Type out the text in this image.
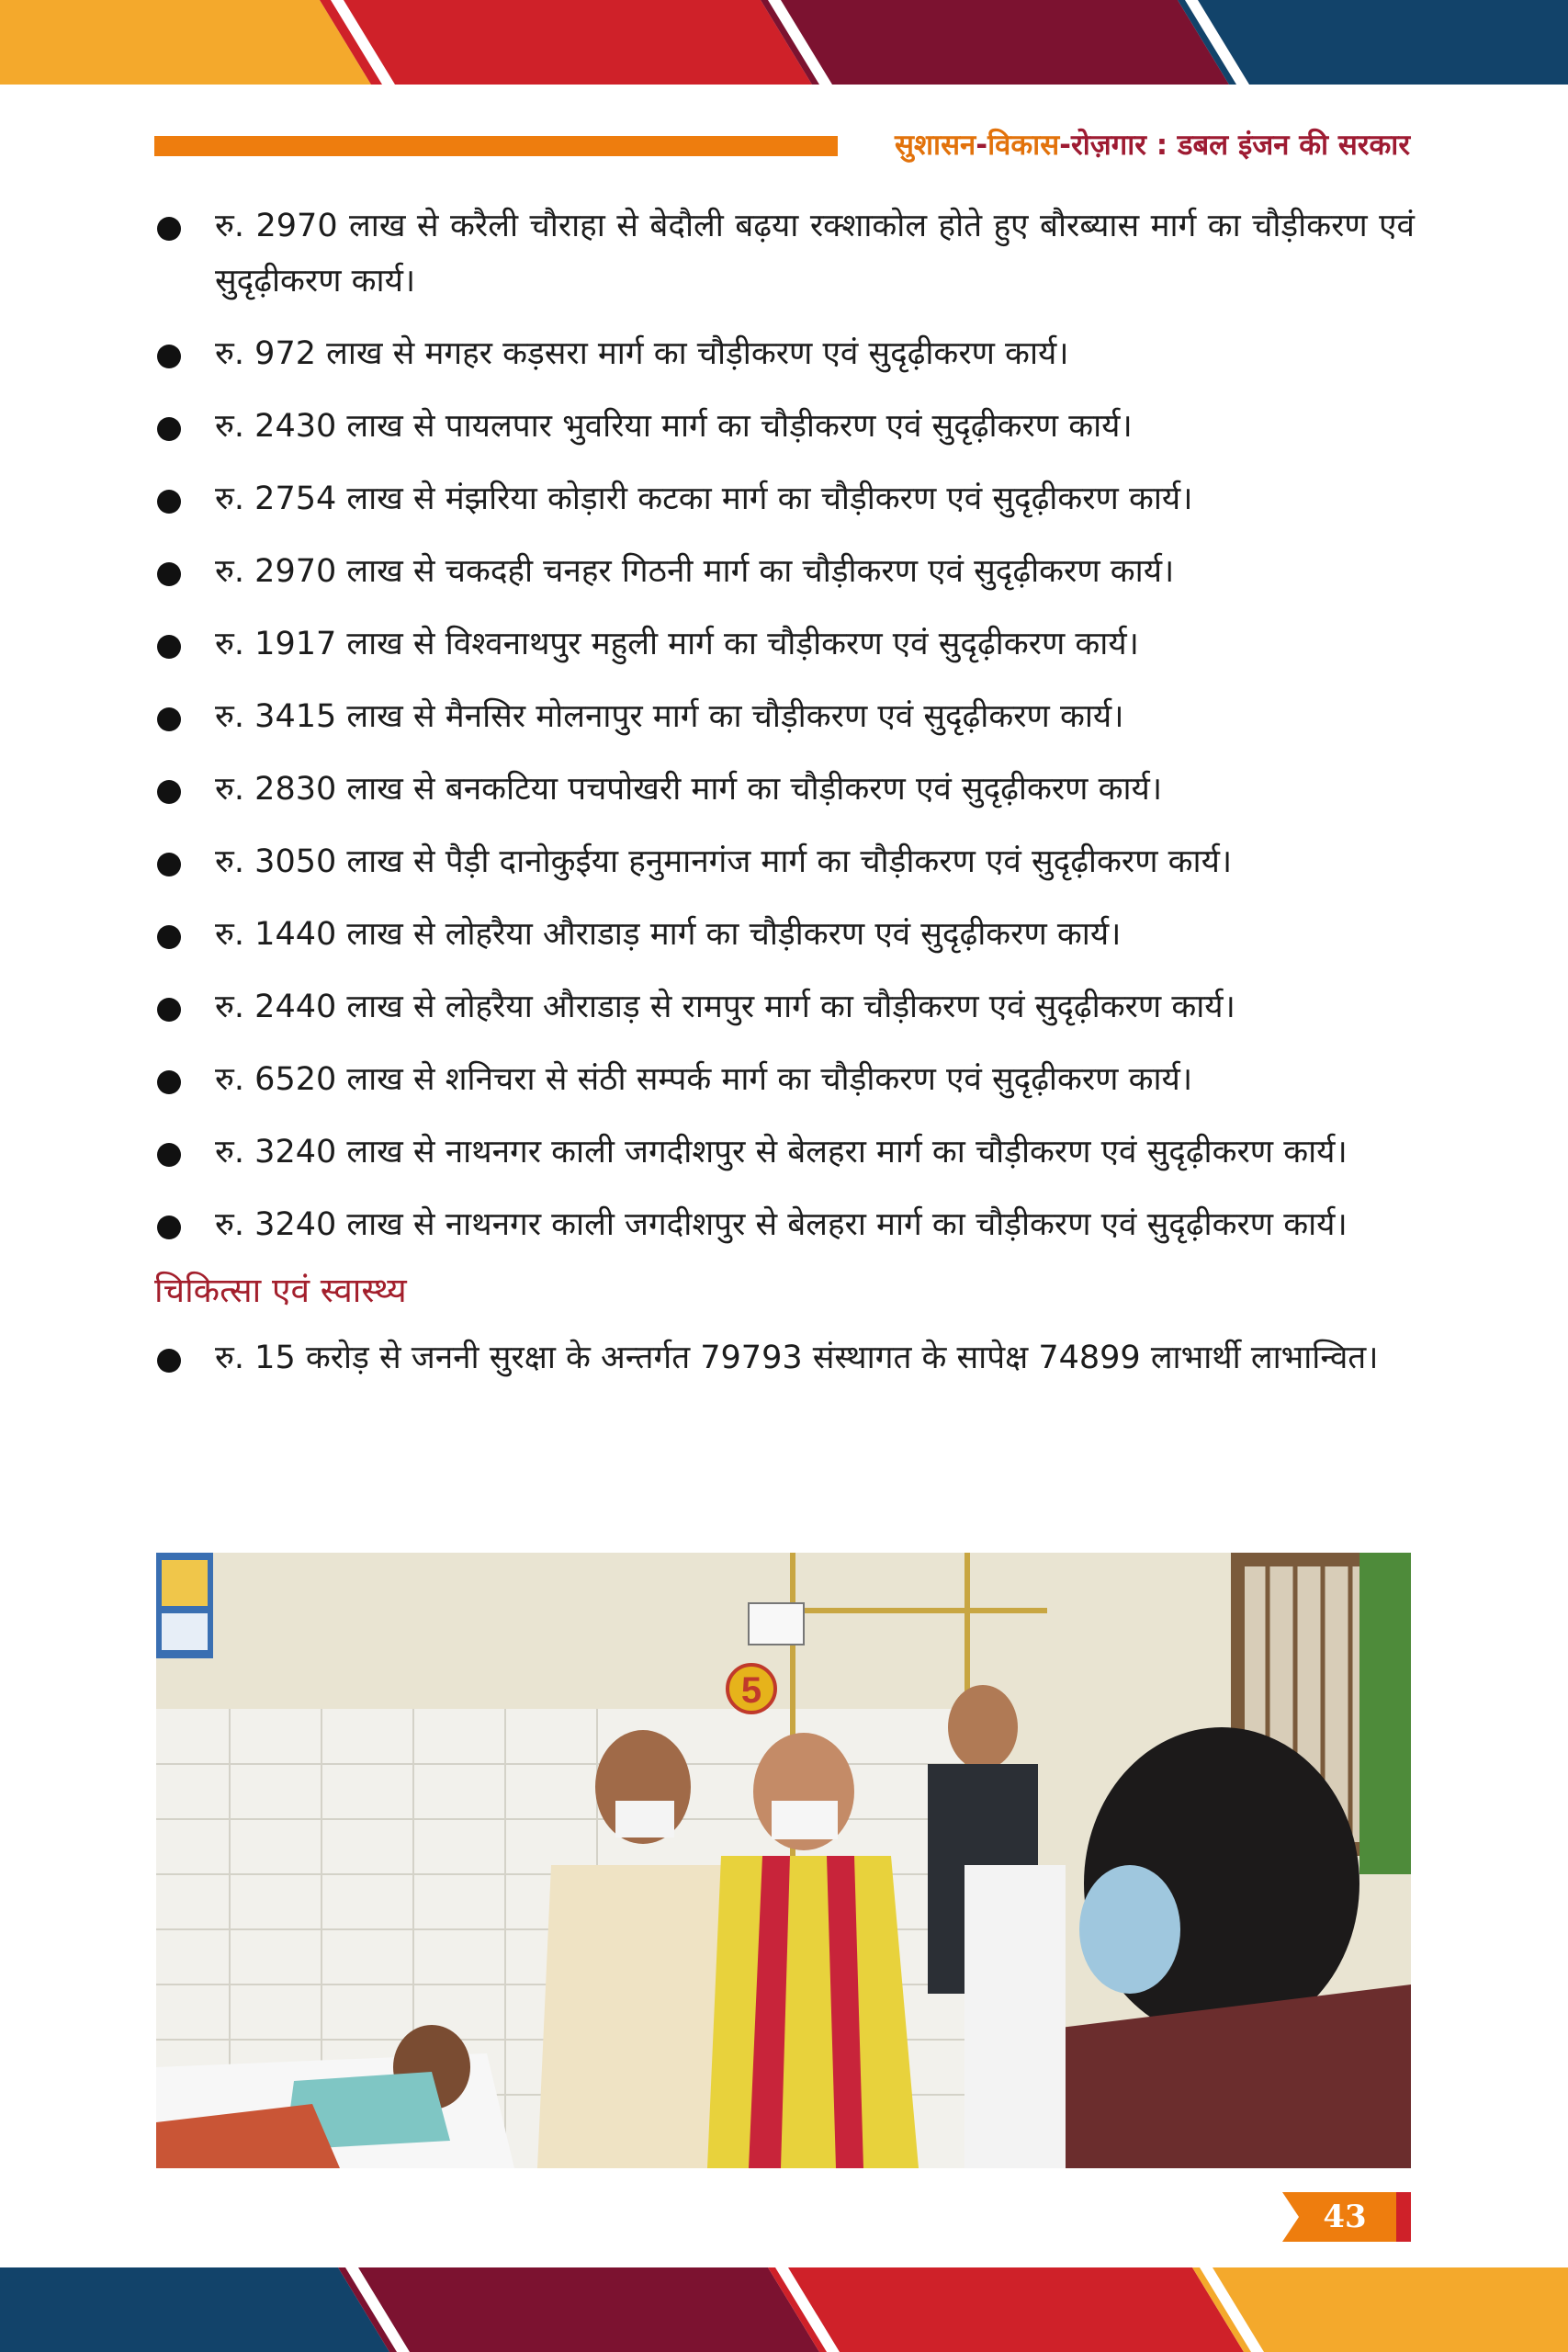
सुशासन-विकास-रोज़गार : डबल इंजन की सरकार
रु. 2970 लाख से करैली चौराहा से बेदौली बढ़या रक्शाकोल होते हुए बौरब्यास मार्ग का चौड़ीकरण एवं सुदृढ़ीकरण कार्य।
रु. 972 लाख से मगहर कड़सरा मार्ग का चौड़ीकरण एवं सुदृढ़ीकरण कार्य।
रु. 2430 लाख से पायलपार भुवरिया मार्ग का चौड़ीकरण एवं सुदृढ़ीकरण कार्य।
रु. 2754 लाख से मंझरिया कोड़ारी कटका मार्ग का चौड़ीकरण एवं सुदृढ़ीकरण कार्य।
रु. 2970 लाख से चकदही चनहर गिठनी मार्ग का चौड़ीकरण एवं सुदृढ़ीकरण कार्य।
रु. 1917 लाख से विश्वनाथपुर महुली मार्ग का चौड़ीकरण एवं सुदृढ़ीकरण कार्य।
रु. 3415 लाख से मैनसिर मोलनापुर मार्ग का चौड़ीकरण एवं सुदृढ़ीकरण कार्य।
रु. 2830 लाख से बनकटिया पचपोखरी मार्ग का चौड़ीकरण एवं सुदृढ़ीकरण कार्य।
रु. 3050 लाख से पैड़ी दानोकुईया हनुमानगंज मार्ग का चौड़ीकरण एवं सुदृढ़ीकरण कार्य।
रु. 1440 लाख से लोहरैया औराडाड़ मार्ग का चौड़ीकरण एवं सुदृढ़ीकरण कार्य।
रु. 2440 लाख से लोहरैया औराडाड़ से रामपुर मार्ग का चौड़ीकरण एवं सुदृढ़ीकरण कार्य।
रु. 6520 लाख से शनिचरा से संठी सम्पर्क मार्ग का चौड़ीकरण एवं सुदृढ़ीकरण कार्य।
रु. 3240 लाख से नाथनगर काली जगदीशपुर से बेलहरा मार्ग का चौड़ीकरण एवं सुदृढ़ीकरण कार्य।
रु. 3240 लाख से नाथनगर काली जगदीशपुर से बेलहरा मार्ग का चौड़ीकरण एवं सुदृढ़ीकरण कार्य।
चिकित्सा एवं स्वास्थ्य
रु. 15 करोड़ से जननी सुरक्षा के अन्तर्गत 79793 संस्थागत के सापेक्ष 74899 लाभार्थी लाभान्वित।
5
43
